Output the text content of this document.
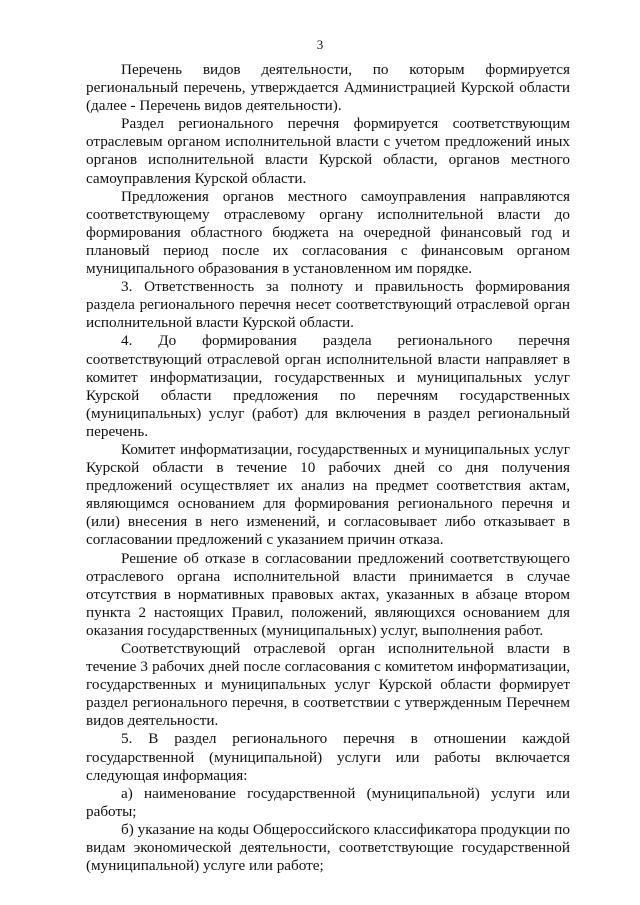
3

Перечень видов деятельности, по которым формируется региональный перечень, утверждается Администрацией Курской области (далее - Перечень видов деятельности).

Раздел регионального перечня формируется соответствующим отраслевым органом исполнительной власти с учетом предложений иных органов исполнительной власти Курской области, органов местного самоуправления Курской области.

Предложения органов местного самоуправления направляются соответствующему отраслевому органу исполнительной власти до формирования областного бюджета на очередной финансовый год и плановый период после их согласования с финансовым органом муниципального образования в установленном им порядке.

3. Ответственность за полноту и правильность формирования раздела регионального перечня несет соответствующий отраслевой орган исполнительной власти Курской области.

4. До формирования раздела регионального перечня соответствующий отраслевой орган исполнительной власти направляет в комитет информатизации, государственных и муниципальных услуг Курской области предложения по перечням государственных (муниципальных) услуг (работ) для включения в раздел региональный перечень.

Комитет информатизации, государственных и муниципальных услуг Курской области в течение 10 рабочих дней со дня получения предложений осуществляет их анализ на предмет соответствия актам, являющимся основанием для формирования регионального перечня и (или) внесения в него изменений, и согласовывает либо отказывает в согласовании предложений с указанием причин отказа.

Решение об отказе в согласовании предложений соответствующего отраслевого органа исполнительной власти принимается в случае отсутствия в нормативных правовых актах, указанных в абзаце втором пункта 2 настоящих Правил, положений, являющихся основанием для оказания государственных (муниципальных) услуг, выполнения работ.

Соответствующий отраслевой орган исполнительной власти в течение 3 рабочих дней после согласования с комитетом информатизации, государственных и муниципальных услуг Курской области формирует раздел регионального перечня, в соответствии с утвержденным Перечнем видов деятельности.

5. В раздел регионального перечня в отношении каждой государственной (муниципальной) услуги или работы включается следующая информация:

а) наименование государственной (муниципальной) услуги или работы;

б) указание на коды Общероссийского классификатора продукции по видам экономической деятельности, соответствующие государственной (муниципальной) услуге или работе;
